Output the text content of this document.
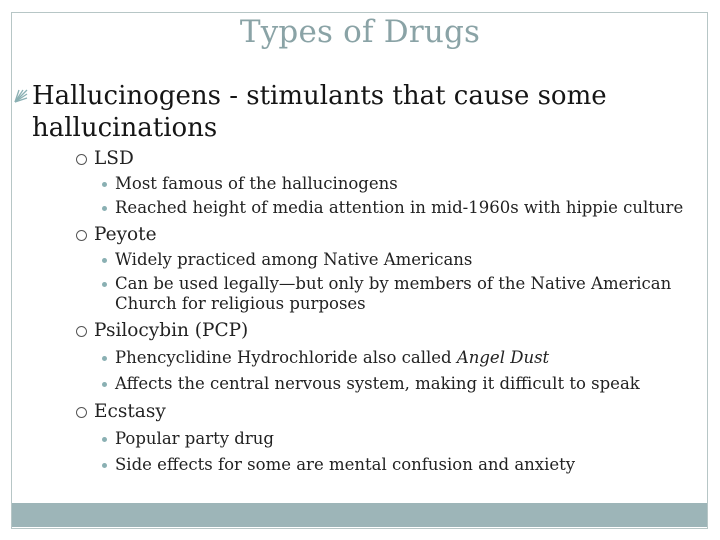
Types of Drugs
Hallucinogens - stimulants that cause some hallucinations
LSD
Most famous of the hallucinogens
Reached height of media attention in mid-1960s with hippie culture
Peyote
Widely practiced among Native Americans
Can be used legally—but only by members of the Native American Church for religious purposes
Psilocybin (PCP)
Phencyclidine Hydrochloride also called Angel Dust
Affects the central nervous system, making it difficult to speak
Ecstasy
Popular party drug
Side effects for some are mental confusion and anxiety
